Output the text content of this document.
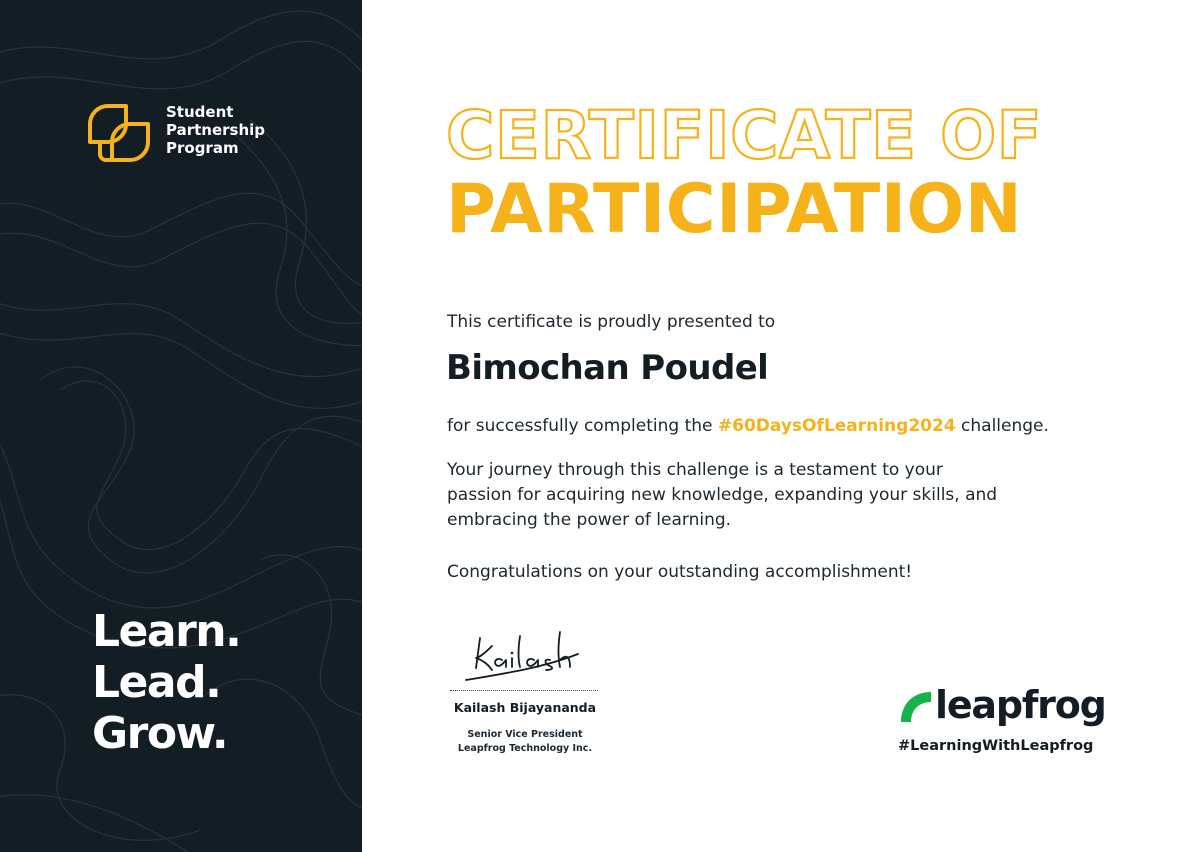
Student
Partnership
Program
Learn.
Lead.
Grow.
CERTIFICATE OF
PARTICIPATION
This certificate is proudly presented to
Bimochan Poudel
for successfully completing the #60DaysOfLearning2024 challenge.
Your journey through this challenge is a testament to your
passion for acquiring new knowledge, expanding your skills, and
embracing the power of learning.
Congratulations on your outstanding accomplishment!
Kailash Bijayananda
Senior Vice President
Leapfrog Technology Inc.
leapfrog
#LearningWithLeapfrog
